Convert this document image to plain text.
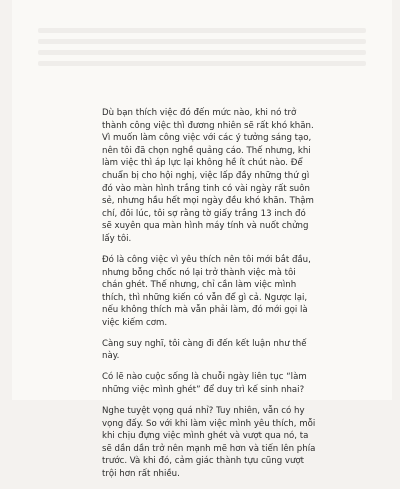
Dù bạn thích việc đó đến mức nào, khi nó trở thành công việc thì đương nhiên sẽ rất khó khăn. Vì muốn làm công việc với các ý tưởng sáng tạo, nên tôi đã chọn nghề quảng cáo. Thế nhưng, khi làm việc thì áp lực lại không hề ít chút nào. Để chuẩn bị cho hội nghị, việc lấp đầy những thứ gì đó vào màn hình trắng tinh có vài ngày rất suôn sẻ, nhưng hầu hết mọi ngày đều khó khăn. Thậm chí, đôi lúc, tôi sợ rằng tờ giấy trắng 13 inch đó sẽ xuyên qua màn hình máy tính và nuốt chửng lấy tôi.

Đó là công việc vì yêu thích nên tôi mới bắt đầu, nhưng bỗng chốc nó lại trở thành việc mà tôi chán ghét. Thế nhưng, chỉ cần làm việc mình thích, thì những kiến có vẫn để gì cả. Ngược lại, nếu không thích mà vẫn phải làm, đó mới gọi là việc kiếm cơm.

Càng suy nghĩ, tôi càng đi đến kết luận như thế này.

Có lẽ nào cuộc sống là chuỗi ngày liên tục “làm những việc mình ghét” để duy trì kế sinh nhai?

Nghe tuyệt vọng quá nhỉ? Tuy nhiên, vẫn có hy vọng đấy. So với khi làm việc mình yêu thích, mỗi khi chịu đựng việc mình ghét và vượt qua nó, ta sẽ dần dần trở nên mạnh mẽ hơn và tiến lên phía trước. Và khi đó, cảm giác thành tựu cũng vượt trội hơn rất nhiều.
